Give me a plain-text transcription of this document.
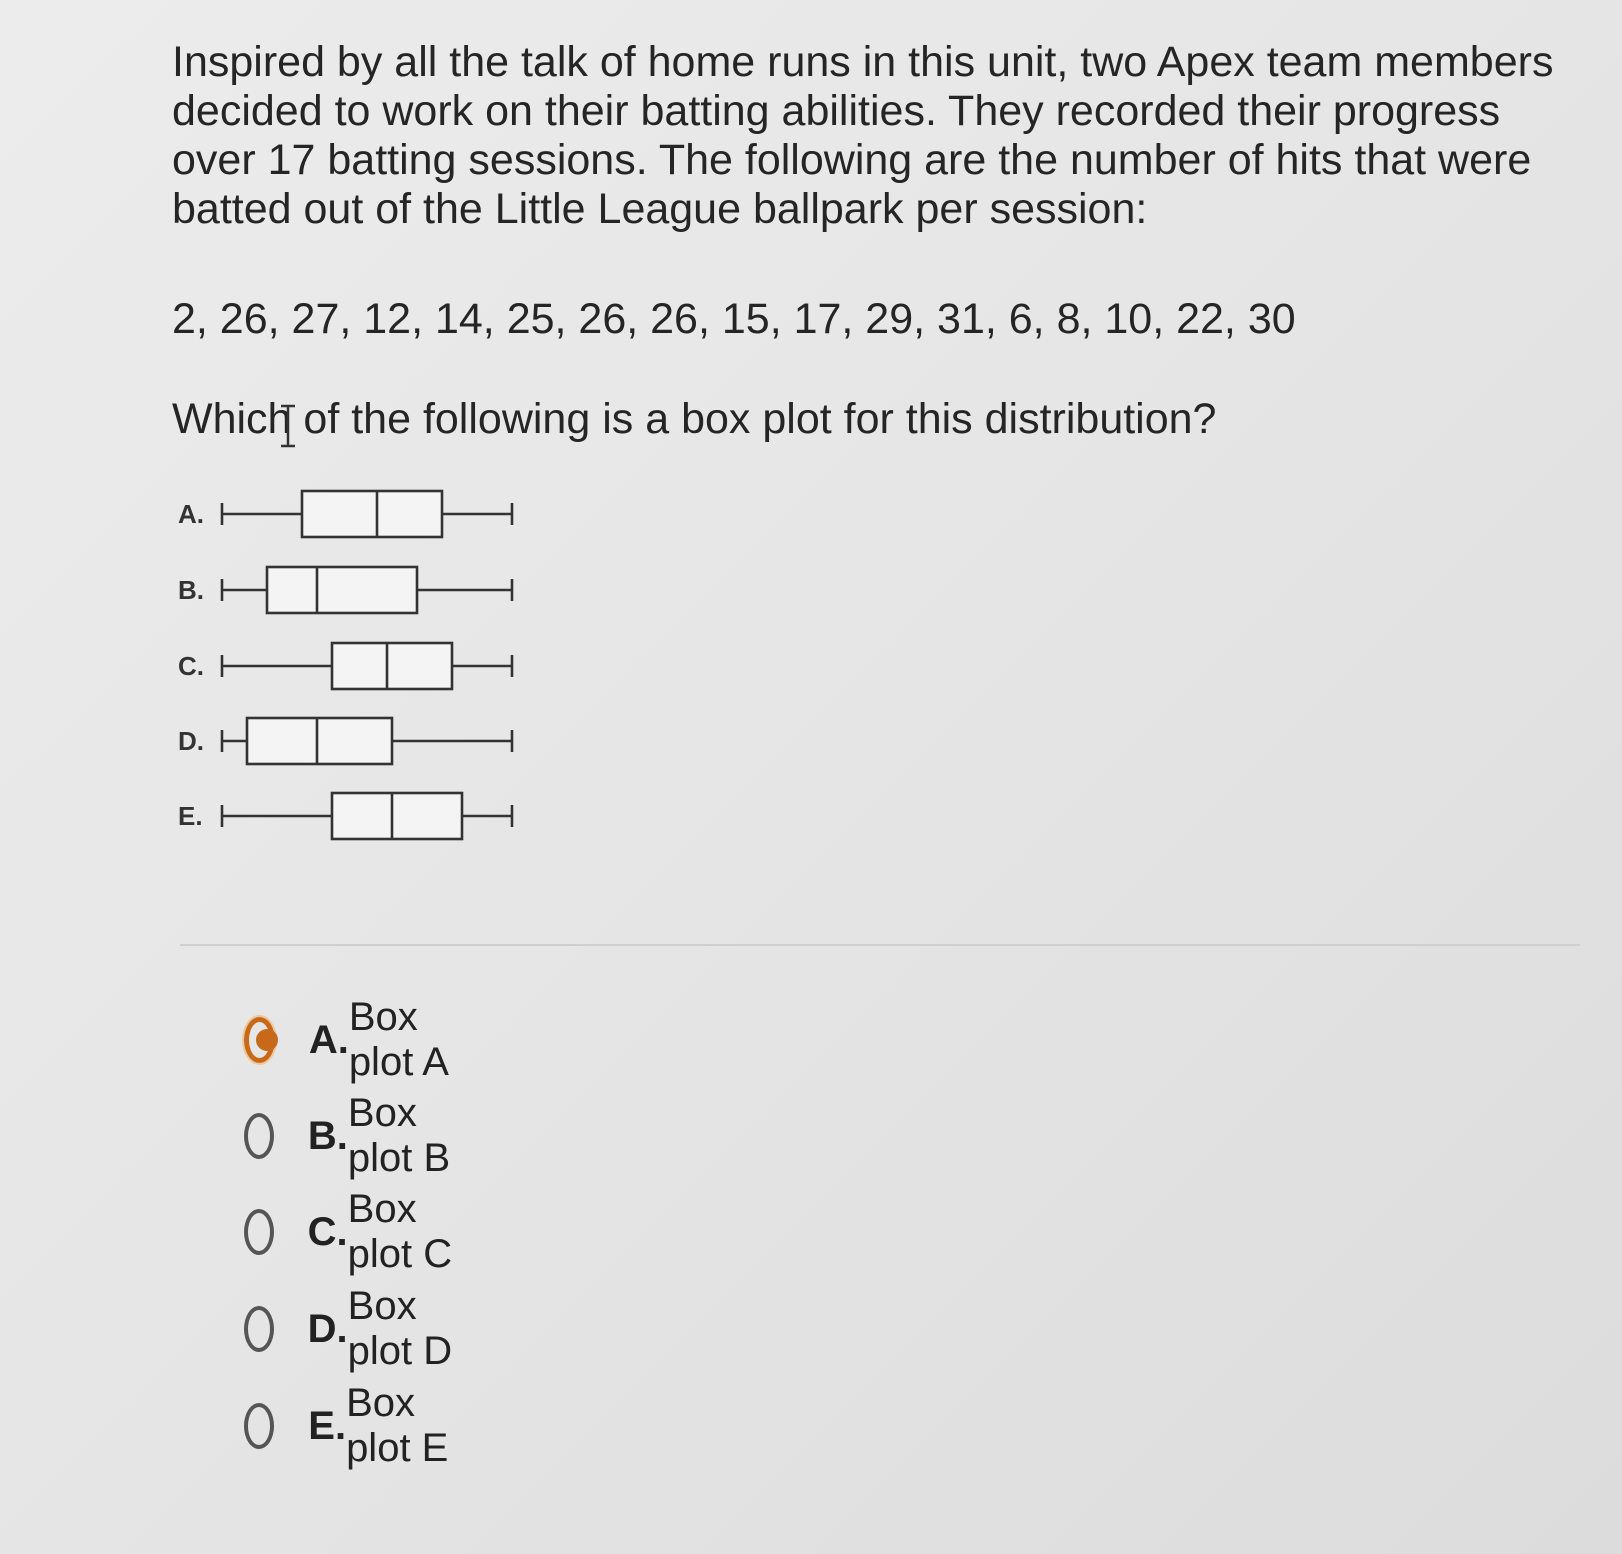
Inspired by all the talk of home runs in this unit, two Apex team members decided to work on their batting abilities. They recorded their progress over 17 batting sessions. The following are the number of hits that were batted out of the Little League ballpark per session:
2, 26, 27, 12, 14, 25, 26, 26, 15, 17, 29, 31, 6, 8, 10, 22, 30
Which of the following is a box plot for this distribution?
A.
B.
C.
D.
E.
A.
Box plot A
B.
Box plot B
C.
Box plot C
D.
Box plot D
E.
Box plot E
